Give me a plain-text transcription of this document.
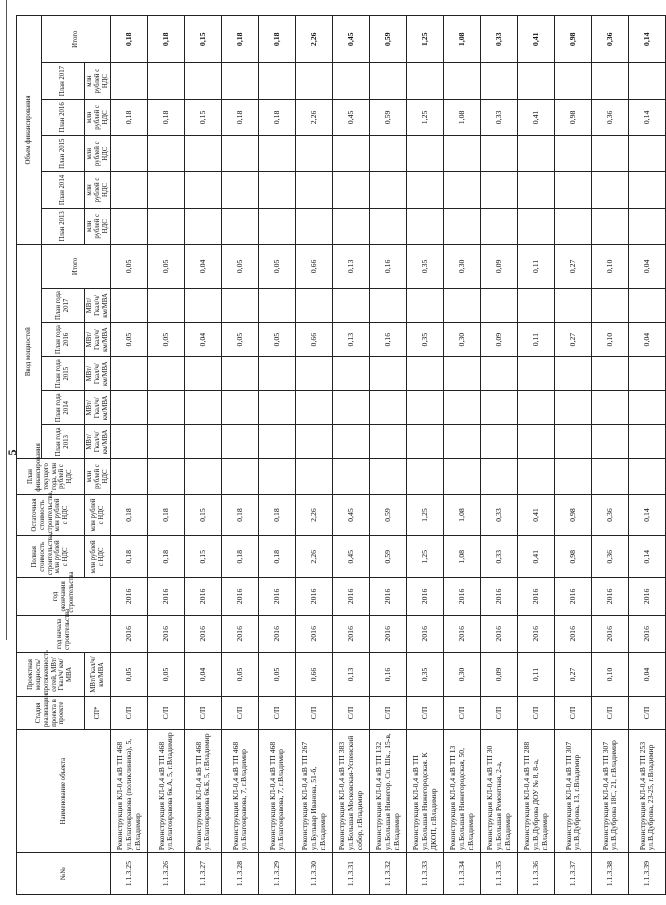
5
№№	Наименование объекта	Стадия реализации проекта в проекте	Проектная мощность/ протяженность сетей, МВт/Гкал/ч/ км/МВА	год начала строительства	год окончания строительства	Полная стоимость строительства, млн рублей с НДС	Остаточная стоимость строительства, млн рублей с НДС	План финансирования текущего года, млн рублей с НДС	Ввод мощностей						Объем финансирования					
									План года 2013	План года 2014	План года 2015	План года 2016	План года 2017	Итого	План 2013	План 2014	План 2015	План 2016	План 2017	Итого
		СП*	МВт/Гкал/ч/ км/МВА			млн рублей с НДС	млн рублей с НДС	млн рублей с НДС	МВт/Гкал/ч/км/МВА	МВт/Гкал/ч/км/МВА	МВт/Гкал/ч/км/МВА	МВт/Гкал/ч/км/МВА	МВт/Гкал/ч/км/МВА		млн рублей с НДС	млн рублей с НДС	млн рублей с НДС	млн рублей с НДС	млн рублей с НДС	
1.1.3.25	Реконструкция КЛ-0,4 кВ ТП 468 ул.Благонравова (поликлиника), 5, г.Владимир	С/П	0,05	2016	2016	0,18	0,18					0,05		0,05				0,18		0,18
1.1.3.26	Реконструкция КЛ-0,4 кВ ТП 468 ул.Благонравова 6к.А, 5, г.Владимир	С/П	0,05	2016	2016	0,18	0,18					0,05		0,05				0,18		0,18
1.1.3.27	Реконструкция КЛ-0,4 кВ ТП 468 ул.Благонравова 6к.Б, 5, г.Владимир	С/П	0,04	2016	2016	0,15	0,15					0,04		0,04				0,15		0,15
1.1.3.28	Реконструкция КЛ-0,4 кВ ТП 468 ул.Благонравова, 7, г.Владимир	С/П	0,05	2016	2016	0,18	0,18					0,05		0,05				0,18		0,18
1.1.3.29	Реконструкция КЛ-0,4 кВ ТП 468 ул.Благонравова, 7, г.Владимир	С/П	0,05	2016	2016	0,18	0,18					0,05		0,05				0,18		0,18
1.1.3.30	Реконструкция КЛ-0,4 кВ ТП 267 ул.Бульвар Иванова, 51-б, г.Владимир	С/П	0,66	2016	2016	2,26	2,26					0,66		0,66				2,26		2,26
1.1.3.31	Реконструкция КЛ-0,4 кВ ТП 383 ул.Большая Московская-Успенский собор, г.Владимир	С/П	0,13	2016	2016	0,45	0,45					0,13		0,13				0,45		0,45
1.1.3.32	Реконструкция КЛ-0,4 кВ ТП 132 ул.Большая Нижегор. Сп. Шк., 15-в, г.Владимир	С/П	0,16	2016	2016	0,59	0,59					0,16		0,16				0,59		0,59
1.1.3.33	Реконструкция КЛ-0,4 кВ ТП ул.Большая Нижегородская. К ДКОП, г.Владимир	С/П	0,35	2016	2016	1,25	1,25					0,35		0,35				1,25		1,25
1.1.3.34	Реконструкция КЛ-0,4 кВ ТП 13 ул.Большая Нижегородская, 50, г.Владимир	С/П	0,30	2016	2016	1,08	1,08					0,30		0,30				1,08		1,08
1.1.3.35	Реконструкция КЛ-0,4 кВ ТП 30 ул.Большая Ремонтная, 2-а, г.Владимир	С/П	0,09	2016	2016	0,33	0,33					0,09		0,09				0,33		0,33
1.1.3.36	Реконструкция КЛ-0,4 кВ ТП 288 ул.В.Дуброва ДОУ № 8, 8-а, г.Владимир	С/П	0,11	2016	2016	0,41	0,41					0,11		0,11				0,41		0,41
1.1.3.37	Реконструкция КЛ-0,4 кВ ТП 307 ул.В.Дуброва, 13, г.Владимир	С/П	0,27	2016	2016	0,98	0,98					0,27		0,27				0,98		0,98
1.1.3.38	Реконструкция КЛ-0,4 кВ ТП 307 ул.В.Дуброва 18С, 21, г.Владимир	С/П	0,10	2016	2016	0,36	0,36					0,10		0,10				0,36		0,36
1.1.3.39	Реконструкция КЛ-0,4 кВ ТП 253 ул.В.Дуброва, 23-25, г.Владимир	С/П	0,04	2016	2016	0,14	0,14					0,04		0,04				0,14		0,14
